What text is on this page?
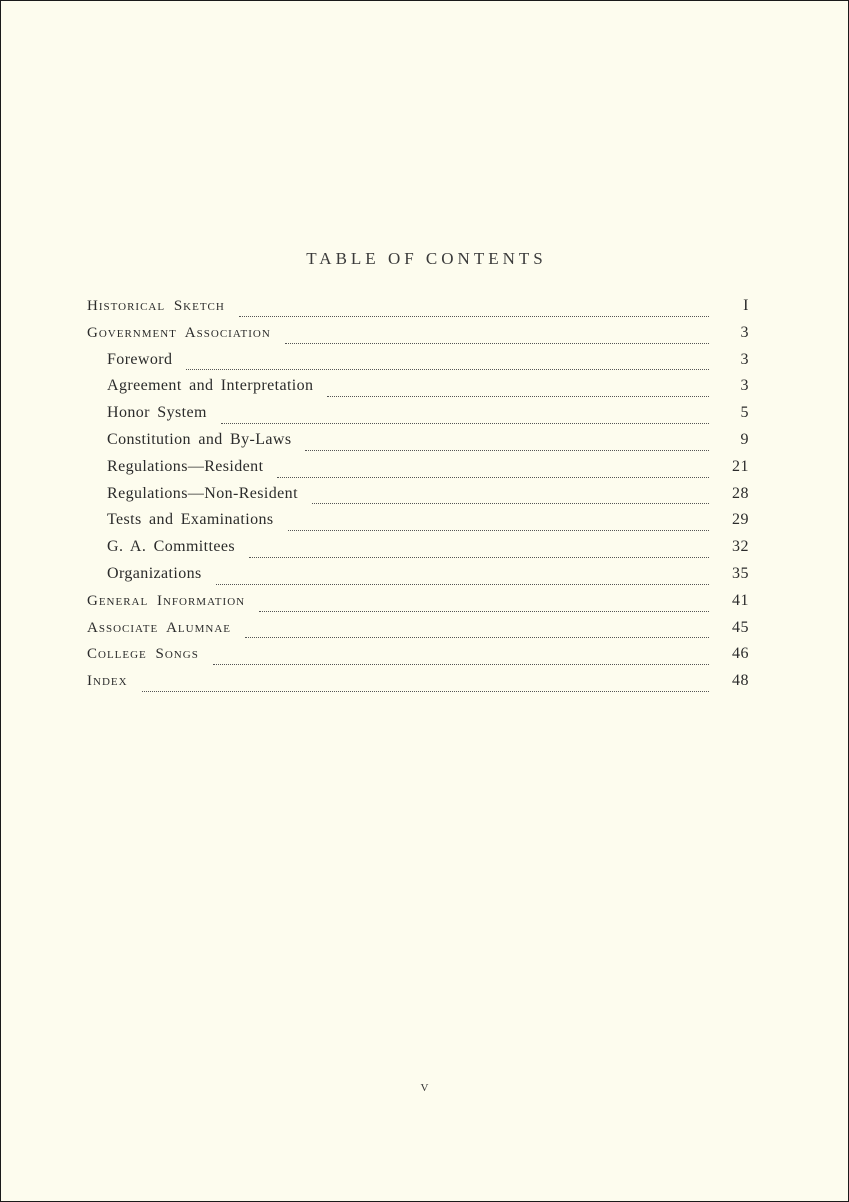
TABLE OF CONTENTS
Historical Sketch	I
Government Association	3
Foreword	3
Agreement and Interpretation	3
Honor System	5
Constitution and By-Laws	9
Regulations—Resident	21
Regulations—Non-Resident	28
Tests and Examinations	29
G. A. Committees	32
Organizations	35
General Information	41
Associate Alumnae	45
College Songs	46
Index	48
v
